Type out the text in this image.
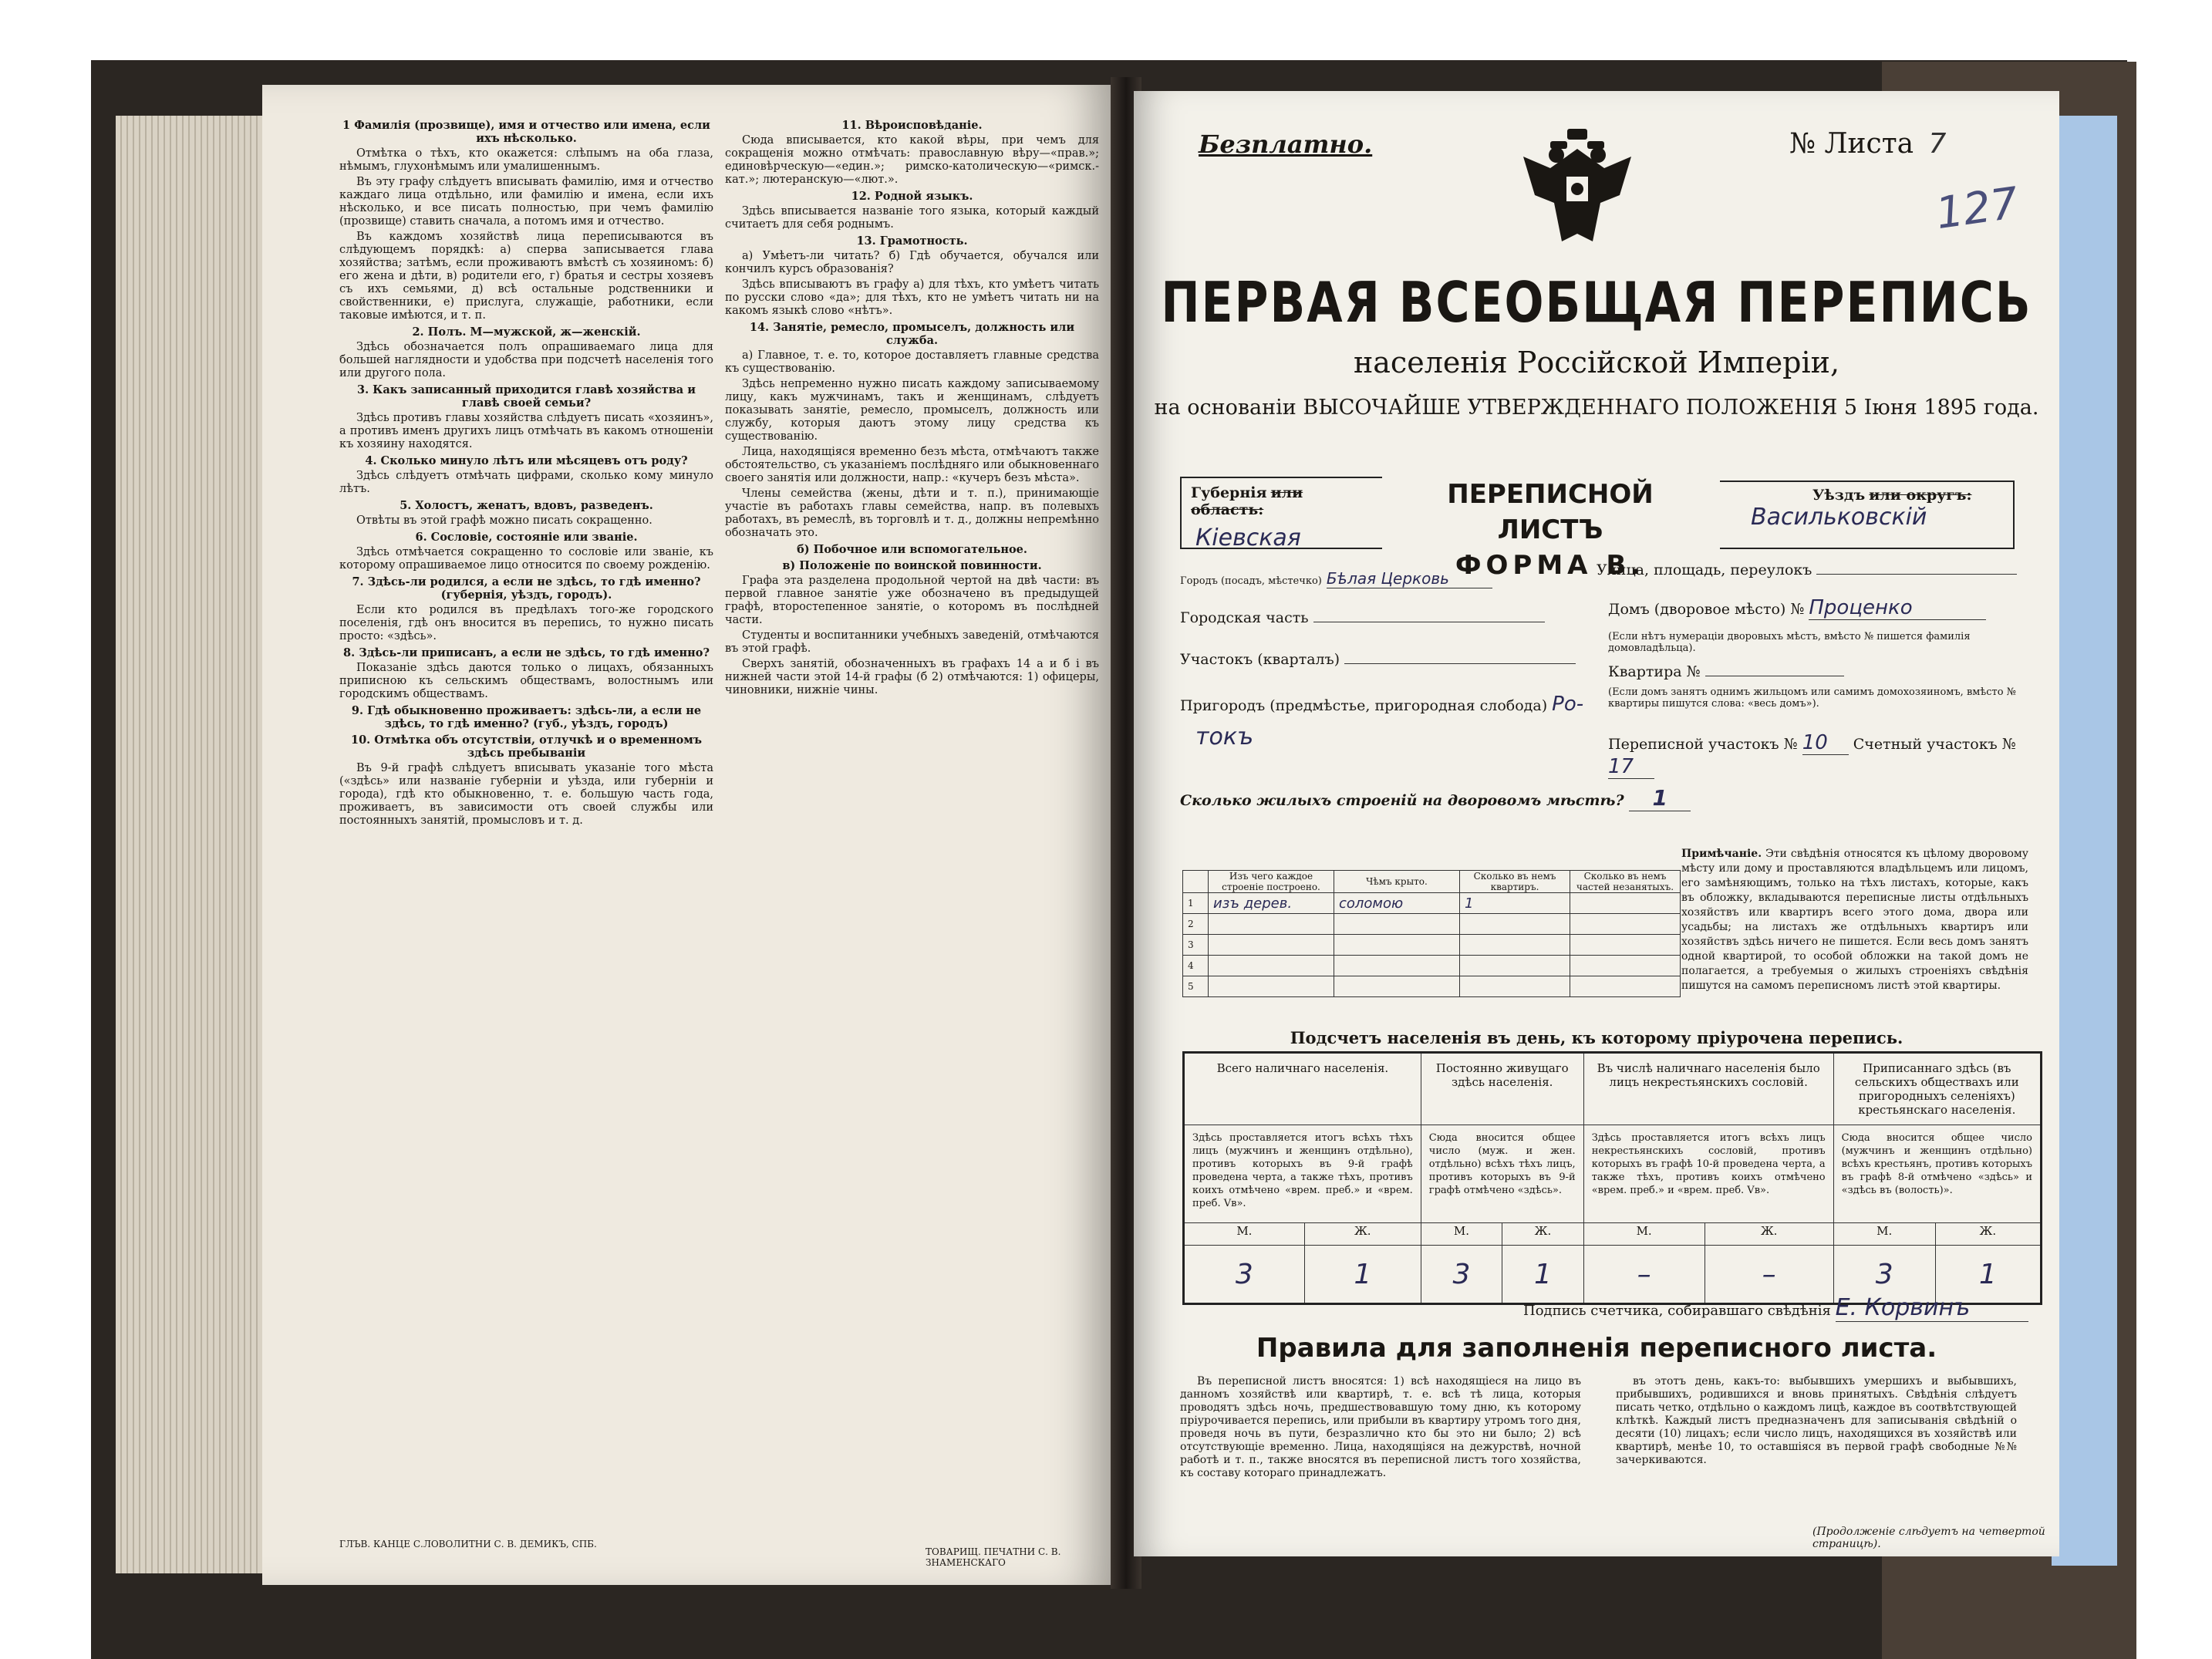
1 Фамилія (прозвище), имя и отчество или имена, если ихъ нѣсколько.

Отмѣтка о тѣхъ, кто окажется: слѣпымъ на оба глаза, нѣмымъ, глухонѣмымъ или умалишеннымъ.

Въ эту графу слѣдуетъ вписывать фамилію, имя и отчество каждаго лица отдѣльно, или фамилію и имена, если ихъ нѣсколько, и все писать полностью, при чемъ фамилію (прозвище) ставить сначала, а потомъ имя и отчество.

Въ каждомъ хозяйствѣ лица переписываются въ слѣдующемъ порядкѣ: а) сперва записывается глава хозяйства; затѣмъ, если проживаютъ вмѣстѣ съ хозяиномъ: б) его жена и дѣти, в) родители его, г) братья и сестры хозяевъ съ ихъ семьями, д) всѣ остальные родственники и свойственники, е) прислуга, служащіе, работники, если таковые имѣются, и т. п.

2. Полъ. М—мужской, ж—женскій.

Здѣсь обозначается полъ опрашиваемаго лица для большей наглядности и удобства при подсчетѣ населенія того или другого пола.

3. Какъ записанный приходится главѣ хозяйства и главѣ своей семьи?

Здѣсь противъ главы хозяйства слѣдуетъ писать «хозяинъ», а противъ именъ другихъ лицъ отмѣчать въ какомъ отношеніи къ хозяину находятся.

4. Сколько минуло лѣтъ или мѣсяцевъ отъ роду?

Здѣсь слѣдуетъ отмѣчать цифрами, сколько кому минуло лѣтъ.

5. Холостъ, женатъ, вдовъ, разведенъ.

Отвѣты въ этой графѣ можно писать сокращенно.

6. Сословіе, состояніе или званіе.

Здѣсь отмѣчается сокращенно то сословіе или званіе, къ которому опрашиваемое лицо относится по своему рожденію.

7. Здѣсь-ли родился, а если не здѣсь, то гдѣ именно? (губернія, уѣздъ, городъ).

Если кто родился въ предѣлахъ того-же городского поселенія, гдѣ онъ вносится въ перепись, то нужно писать просто: «здѣсь».

8. Здѣсь-ли приписанъ, а если не здѣсь, то гдѣ именно?

Показаніе здѣсь даются только о лицахъ, обязанныхъ приписною къ сельскимъ обществамъ, волостнымъ или городскимъ обществамъ.

9. Гдѣ обыкновенно проживаетъ: здѣсь-ли, а если не здѣсь, то гдѣ именно? (губ., уѣздъ, городъ)

10. Отмѣтка объ отсутствіи, отлучкѣ и о временномъ здѣсь пребываніи

Въ 9-й графѣ слѣдуетъ вписывать указаніе того мѣста («здѣсь» или названіе губерніи и уѣзда, или губерніи и города), гдѣ кто обыкновенно, т. е. большую часть года, проживаетъ, въ зависимости отъ своей службы или постоянныхъ занятій, промысловъ и т. д.

11. Вѣроисповѣданіе.

Сюда вписывается, кто какой вѣры, при чемъ для сокращенія можно отмѣчать: православную вѣру—«прав.»; единовѣрческую—«един.»; римско-католическую—«римск.-кат.»; лютеранскую—«лют.».

12. Родной языкъ.

Здѣсь вписывается названіе того языка, который каждый считаетъ для себя роднымъ.

13. Грамотность.

а) Умѣетъ-ли читать? б) Гдѣ обучается, обучался или кончилъ курсъ образованія?

Здѣсь вписываютъ въ графу а) для тѣхъ, кто умѣетъ читать по русски слово «да»; для тѣхъ, кто не умѣетъ читать ни на какомъ языкѣ слово «нѣтъ».

14. Занятіе, ремесло, промыселъ, должность или служба.

а) Главное, т. е. то, которое доставляетъ главные средства къ существованію.

Здѣсь непременно нужно писать каждому записываемому лицу, какъ мужчинамъ, такъ и женщинамъ, слѣдуетъ показывать занятіе, ремесло, промыселъ, должность или службу, которыя даютъ этому лицу средства къ существованію.

Лица, находящіяся временно безъ мѣста, отмѣчаютъ также обстоятельство, съ указаніемъ послѣдняго или обыкновеннаго своего занятія или должности, напр.: «кучеръ безъ мѣста».

Члены семейства (жены, дѣти и т. п.), принимающіе участіе въ работахъ главы семейства, напр. въ полевыхъ работахъ, въ ремеслѣ, въ торговлѣ и т. д., должны непремѣнно обозначать это.

б) Побочное или вспомогательное.

в) Положеніе по воинской повинности.

Графа эта разделена продольной чертой на двѣ части: въ первой главное занятіе уже обозначено въ предыдущей графѣ, второстепенное занятіе, о которомъ въ послѣдней части.

Студенты и воспитанники учебныхъ заведеній, отмѣчаются въ этой графѣ.

Сверхъ занятій, обозначенныхъ въ графахъ 14 а и б і въ нижней части этой 14-й графы (б 2) отмѣчаются: 1) офицеры, чиновники, нижніе чины.

ГЛЪВ. КАНЦЕ С.ЛОВОЛИТНИ С. В. ДЕМИКЪ, СПБ.
ТОВАРИЩ. ПЕЧАТНИ С. В. ЗНАМЕНСКАГО
Безплатно.	№ Листа 7
127
ПЕРВАЯ ВСЕОБЩАЯ ПЕРЕПИСЬ
населенія Россійской Имперіи,
на основаніи ВЫСОЧАЙШЕ УТВЕРЖДЕННАГО ПОЛОЖЕНІЯ 5 Іюня 1895 года.
Губернія или область:
Кіевская
ПЕРЕПИСНОЙ ЛИСТЪ
ФОРМА В.
Уѣздъ или округъ:
Васильковскій
Городъ (посадъ, мѣстечко) Бѣлая Церковь
Городская часть
Участокъ (кварталъ)
Пригородъ (предмѣстье, пригородная слобода) Ро-
токъ
Улица, площадь, переулокъ
Домъ (дворовое мѣсто) № Проценко
(Если нѣтъ нумераціи дворовыхъ мѣстъ, вмѣсто № пишется фамилія домовладѣльца).
Квартира №
(Если домъ занятъ однимъ жильцомъ или самимъ домохозяиномъ, вмѣсто № квартиры пишутся слова: «весь домъ»).
Переписной участокъ № 10 Счетный участокъ № 17
Сколько жилыхъ строеній на дворовомъ мѣстѣ? 1
	Изъ чего каждое строеніе построено.	Чѣмъ крыто.	Сколько въ немъ квартиръ.	Сколько въ немъ частей незанятыхъ.
1	изъ дерев.	соломою	1	
2				
3				
4				
5				
Примѣчаніе. Эти свѣдѣнія относятся къ цѣлому дворовому мѣсту или дому и проставляются владѣльцемъ или лицомъ, его замѣняющимъ, только на тѣхъ листахъ, которые, какъ въ обложку, вкладываются переписные листы отдѣльныхъ хозяйствъ или квартиръ всего этого дома, двора или усадьбы; на листахъ же отдѣльныхъ квартиръ или хозяйствъ здѣсь ничего не пишется. Если весь домъ занятъ одной квартирой, то особой обложки на такой домъ не полагается, а требуемыя о жилыхъ строеніяхъ свѣдѣнія пишутся на самомъ переписномъ листѣ этой квартиры.
Подсчетъ населенія въ день, къ которому пріурочена перепись.
Всего наличнаго населенія.		Постоянно живущаго здѣсь населенія.		Въ числѣ наличнаго населенія было лицъ некрестьянскихъ сословій.		Приписаннаго здѣсь (въ сельскихъ обществахъ или пригородныхъ селеніяхъ) крестьянскаго населенія.	
Здѣсь проставляется итогъ всѣхъ тѣхъ лицъ (мужчинъ и женщинъ отдѣльно), противъ которыхъ въ 9-й графѣ проведена черта, а также тѣхъ, противъ коихъ отмѣчено «врем. преб.» и «врем. преб. Vв».		Сюда вносится общее число (муж. и жен. отдѣльно) всѣхъ тѣхъ лицъ, противъ которыхъ въ 9-й графѣ отмѣчено «здѣсь».		Здѣсь проставляется итогъ всѣхъ лицъ некрестьянскихъ сословій, противъ которыхъ въ графѣ 10-й проведена черта, а также тѣхъ, противъ коихъ отмѣчено «врем. преб.» и «врем. преб. Vв».		Сюда вносится общее число (мужчинъ и женщинъ отдѣльно) всѣхъ крестьянъ, противъ которыхъ въ графѣ 8-й отмѣчено «здѣсь» и «здѣсь въ (волость)».	
М.	Ж.	М.	Ж.	М.	Ж.	М.	Ж.
3	1	3	1	–	–	3	1
Подпись счетчика, собиравшаго свѣдѣнія Е. Корвинъ
Правила для заполненія переписного листа.

Въ переписной листъ вносятся: 1) всѣ находящіеся на лицо въ данномъ хозяйствѣ или квартирѣ, т. е. всѣ тѣ лица, которыя проводятъ здѣсь ночь, предшествовавшую тому дню, къ которому пріурочивается перепись, или прибыли въ квартиру утромъ того дня, проведя ночь въ пути, безразлично кто бы это ни было; 2) всѣ отсутствующіе временно. Лица, находящіяся на дежурствѣ, ночной работѣ и т. п., также вносятся въ переписной листъ того хозяйства, къ составу котораго принадлежатъ.

въ этотъ день, какъ-то: выбывшихъ умершихъ и выбывшихъ, прибывшихъ, родившихся и вновь принятыхъ. Свѣдѣнія слѣдуетъ писать четко, отдѣльно о каждомъ лицѣ, каждое въ соотвѣтствующей клѣткѣ. Каждый листъ предназначенъ для записыванія свѣдѣній о десяти (10) лицахъ; если число лицъ, находящихся въ хозяйствѣ или квартирѣ, менѣе 10, то оставшіяся въ первой графѣ свободные №№ зачеркиваются.

(Продолженіе слѣдуетъ на четвертой страницѣ).
